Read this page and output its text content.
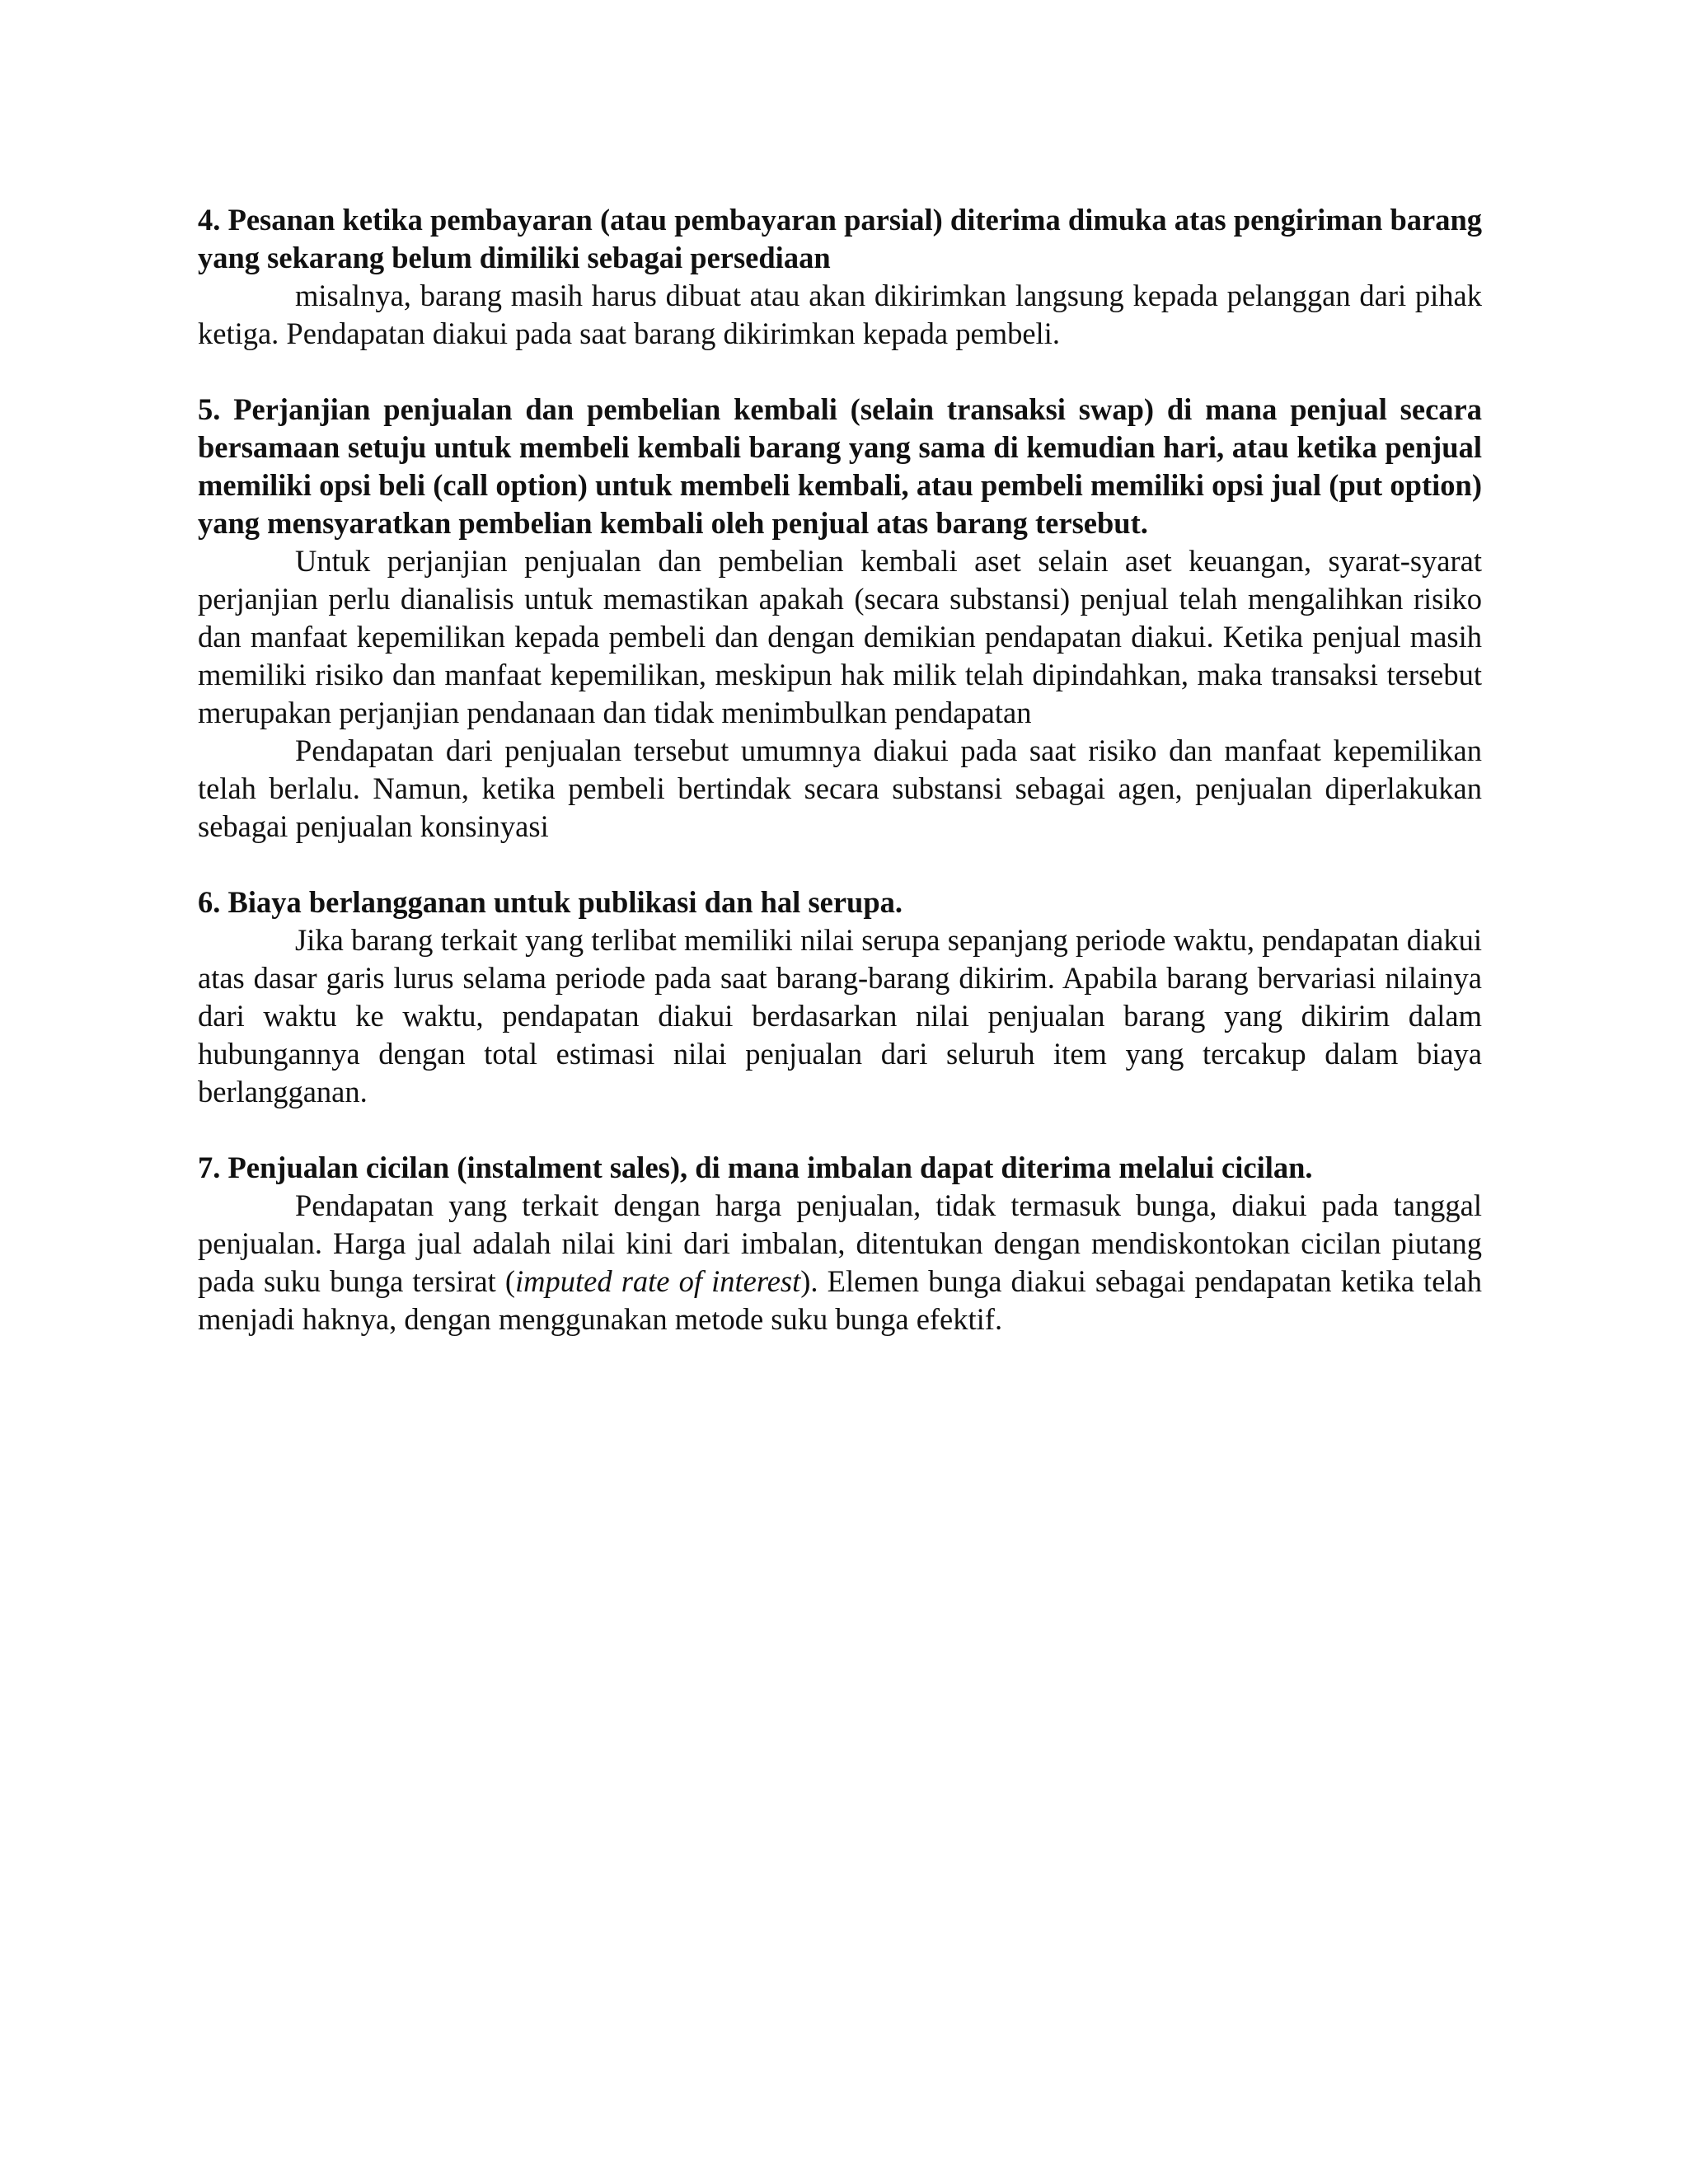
4. Pesanan ketika pembayaran (atau pembayaran parsial) diterima dimuka atas pengiriman barang yang sekarang belum dimiliki sebagai persediaan

misalnya, barang masih harus dibuat atau akan dikirimkan langsung kepada pelanggan dari pihak ketiga. Pendapatan diakui pada saat barang dikirimkan kepada pembeli.

5. Perjanjian penjualan dan pembelian kembali (selain transaksi swap) di mana penjual secara bersamaan setuju untuk membeli kembali barang yang sama di kemudian hari, atau ketika penjual memiliki opsi beli (call option) untuk membeli kembali, atau pembeli memiliki opsi jual (put option) yang mensyaratkan pembelian kembali oleh penjual atas barang tersebut.

Untuk perjanjian penjualan dan pembelian kembali aset selain aset keuangan, syarat-syarat perjanjian perlu dianalisis untuk memastikan apakah (secara substansi) penjual telah mengalihkan risiko dan manfaat kepemilikan kepada pembeli dan dengan demikian pendapatan diakui. Ketika penjual masih memiliki risiko dan manfaat kepemilikan, meskipun hak milik telah dipindahkan, maka transaksi tersebut merupakan perjanjian pendanaan dan tidak menimbulkan pendapatan

Pendapatan dari penjualan tersebut umumnya diakui pada saat risiko dan manfaat kepemilikan telah berlalu. Namun, ketika pembeli bertindak secara substansi sebagai agen, penjualan diperlakukan sebagai penjualan konsinyasi

6. Biaya berlangganan untuk publikasi dan hal serupa.

Jika barang terkait yang terlibat memiliki nilai serupa sepanjang periode waktu, pendapatan diakui atas dasar garis lurus selama periode pada saat barang-barang dikirim. Apabila barang bervariasi nilainya dari waktu ke waktu, pendapatan diakui berdasarkan nilai penjualan barang yang dikirim dalam hubungannya dengan total estimasi nilai penjualan dari seluruh item yang tercakup dalam biaya berlangganan.

7. Penjualan cicilan (instalment sales), di mana imbalan dapat diterima melalui cicilan.

Pendapatan yang terkait dengan harga penjualan, tidak termasuk bunga, diakui pada tanggal penjualan. Harga jual adalah nilai kini dari imbalan, ditentukan dengan mendiskontokan cicilan piutang pada suku bunga tersirat (imputed rate of interest). Elemen bunga diakui sebagai pendapatan ketika telah menjadi haknya, dengan menggunakan metode suku bunga efektif.
